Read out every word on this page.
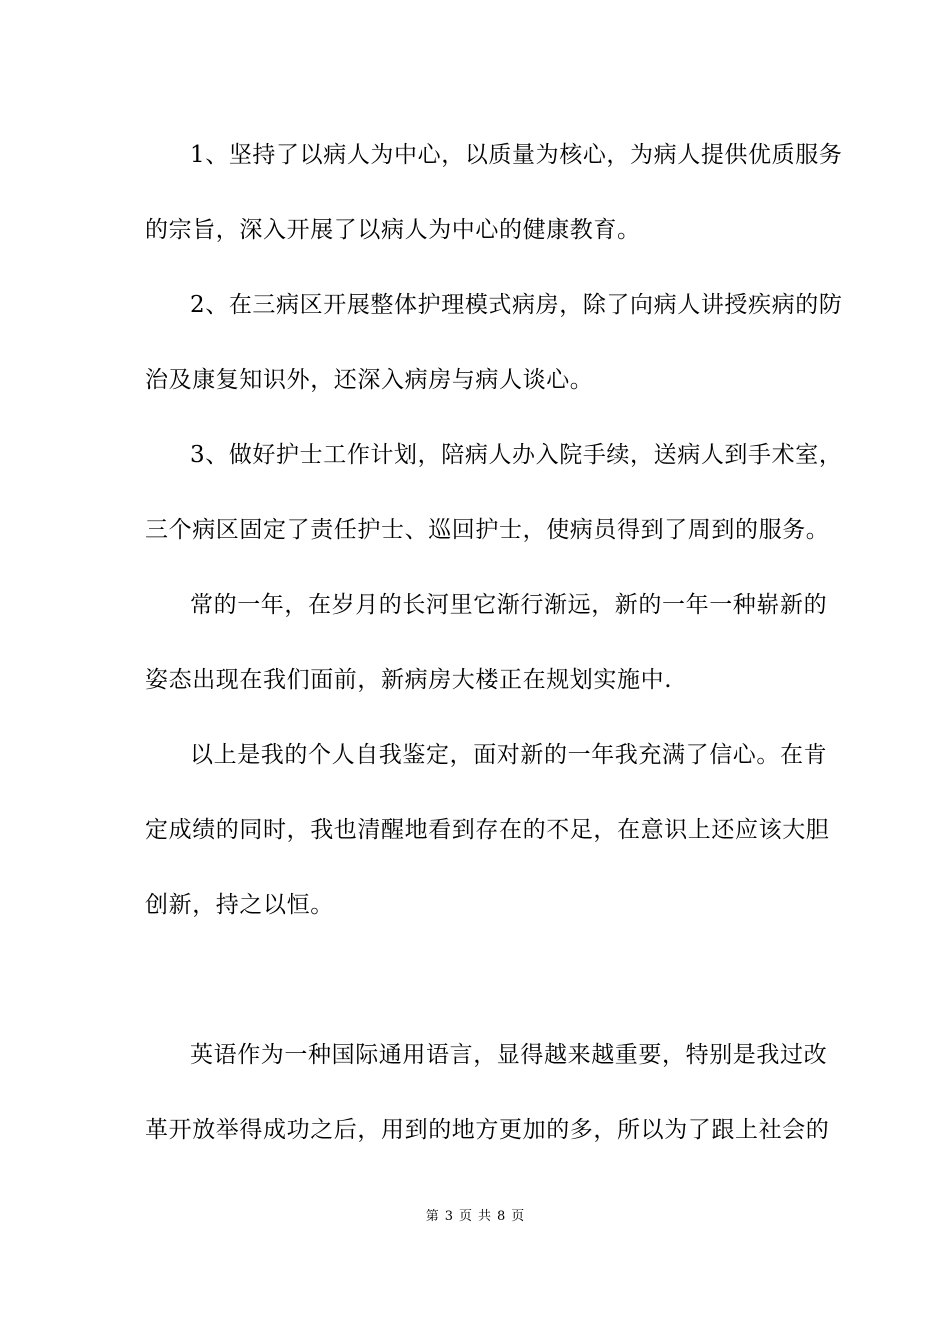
1、坚持了以病人为中心，以质量为核心，为病人提供优质服务
的宗旨，深入开展了以病人为中心的健康教育。
2、在三病区开展整体护理模式病房，除了向病人讲授疾病的防
治及康复知识外，还深入病房与病人谈心。
3、做好护士工作计划，陪病人办入院手续，送病人到手术室，
三个病区固定了责任护士、巡回护士，使病员得到了周到的服务。
常的一年，在岁月的长河里它渐行渐远，新的一年一种崭新的
姿态出现在我们面前，新病房大楼正在规划实施中.
以上是我的个人自我鉴定，面对新的一年我充满了信心。在肯
定成绩的同时，我也清醒地看到存在的不足，在意识上还应该大胆
创新，持之以恒。
英语作为一种国际通用语言，显得越来越重要，特别是我过改
革开放举得成功之后，用到的地方更加的多，所以为了跟上社会的
第 3 页 共 8 页
